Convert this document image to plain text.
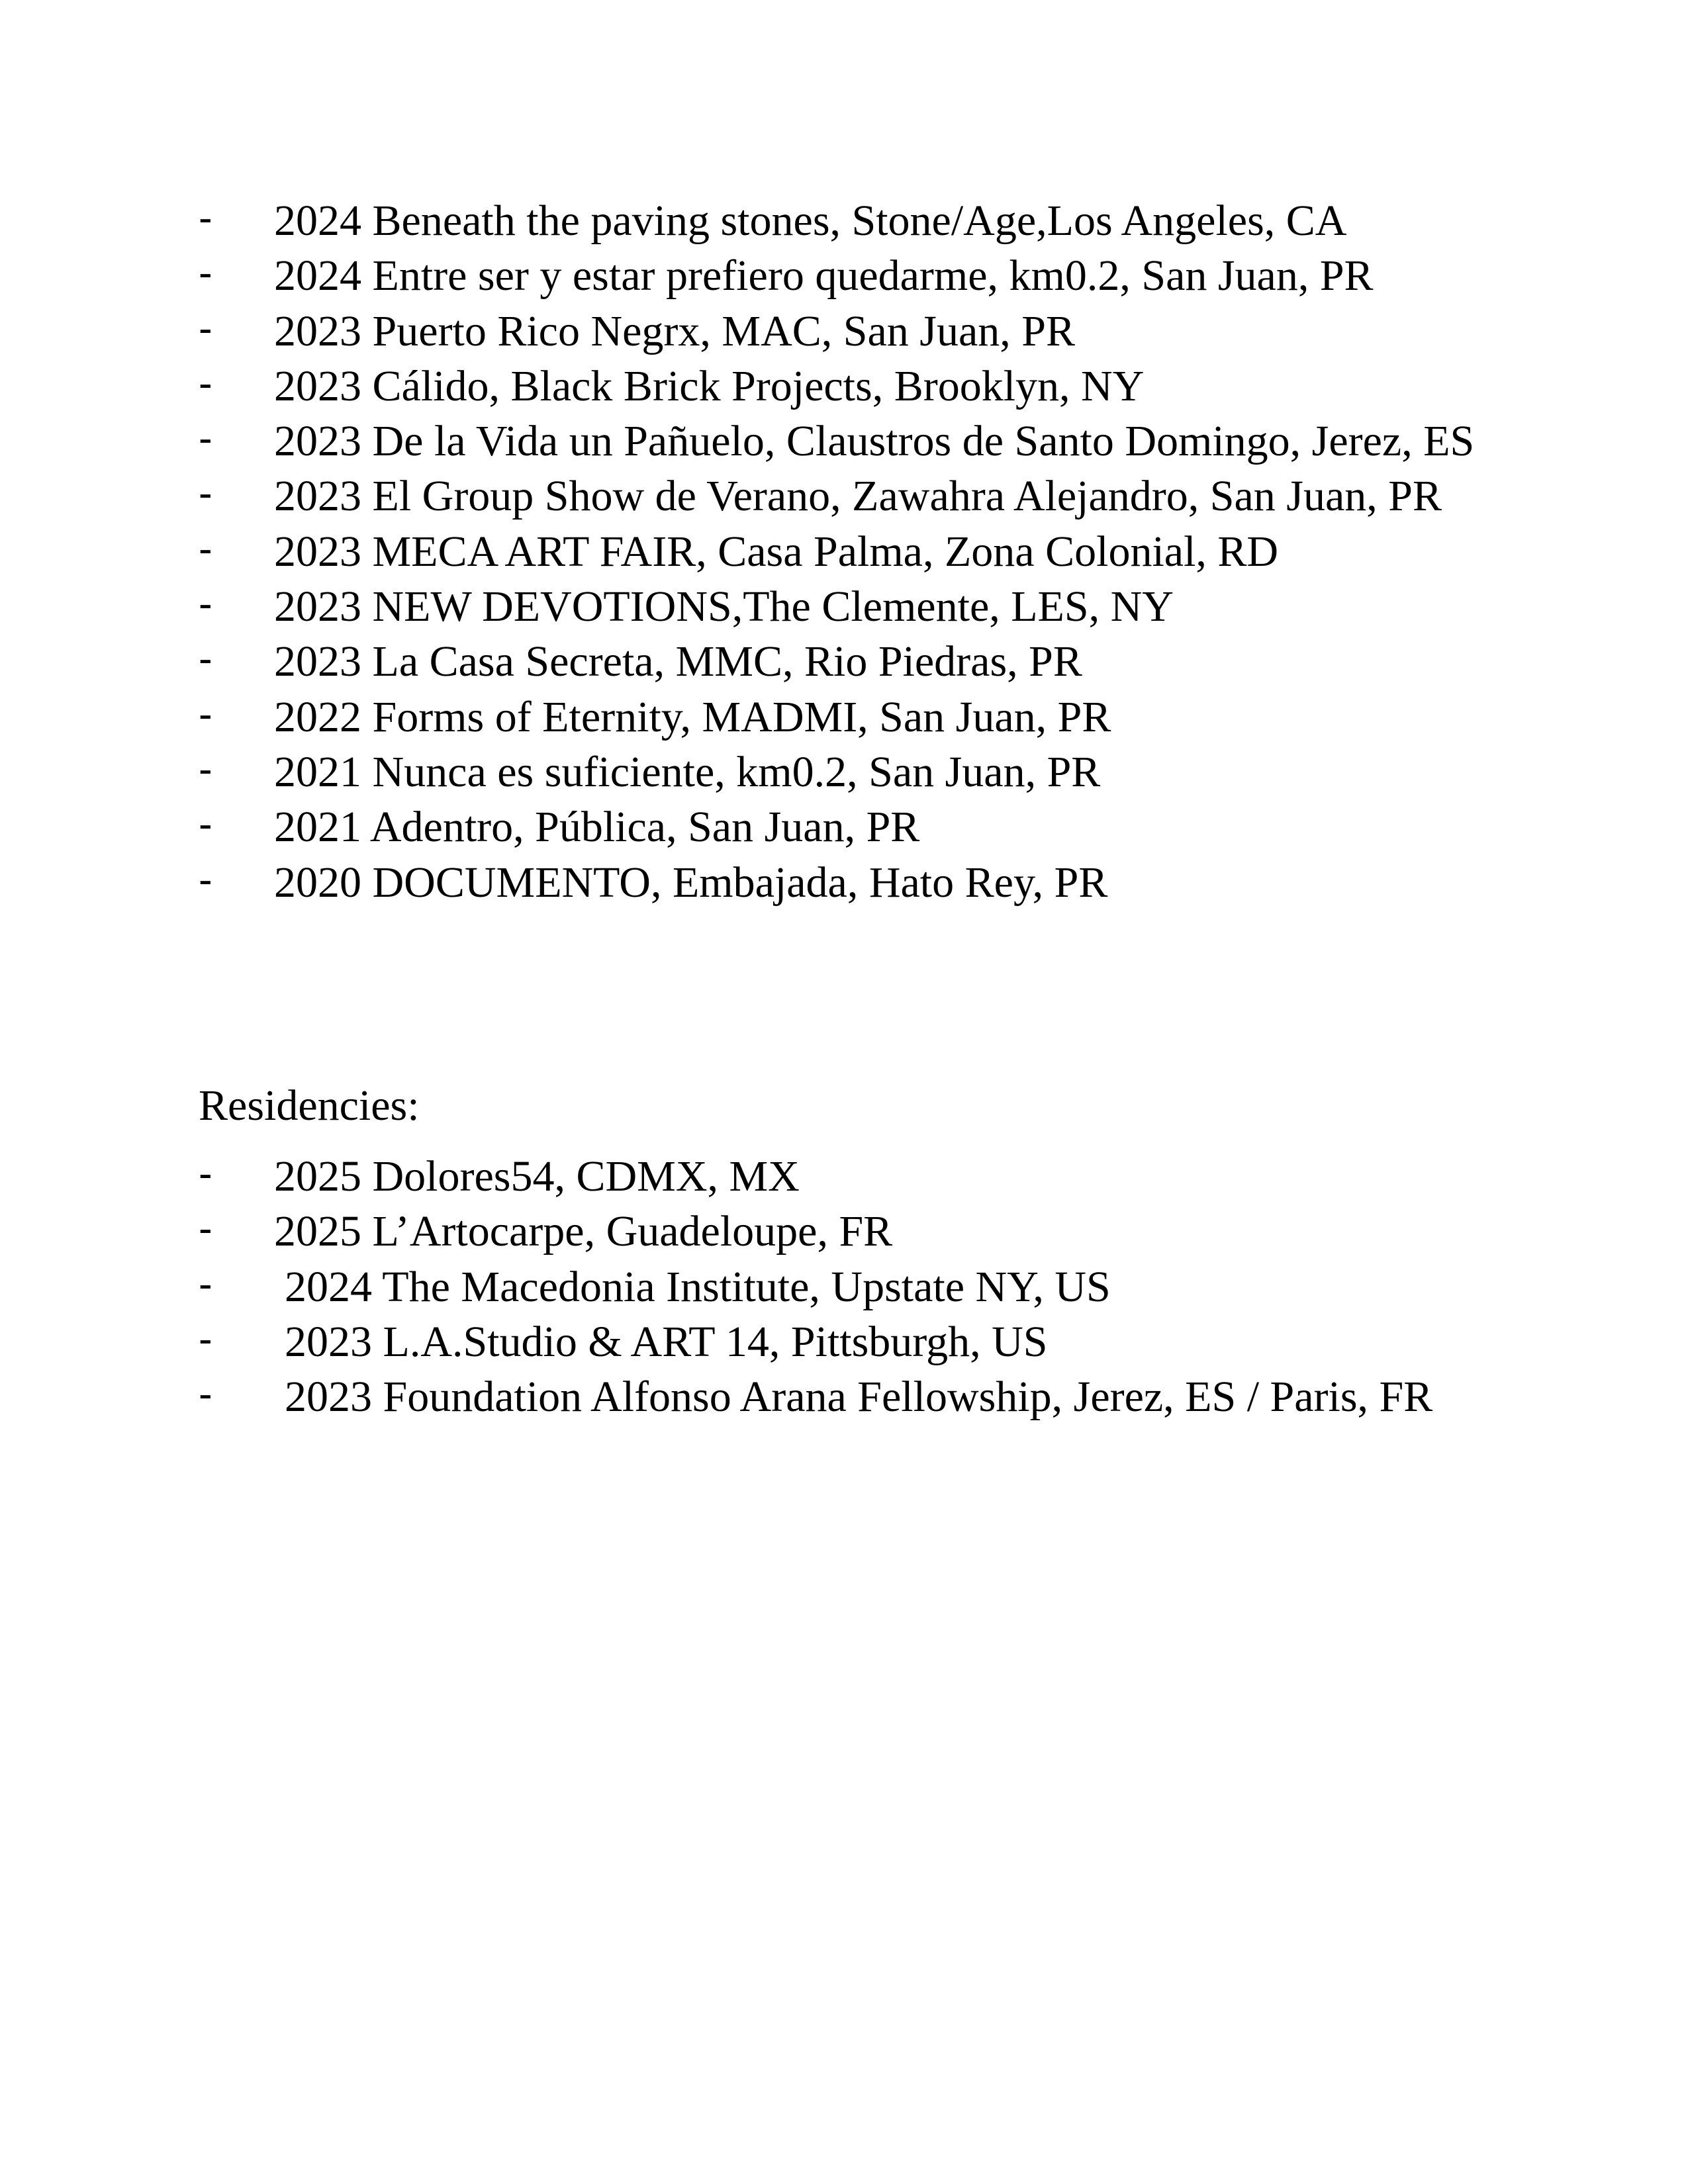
- 2024 Beneath the paving stones, Stone/Age,Los Angeles, CA
- 2024 Entre ser y estar prefiero quedarme, km0.2, San Juan, PR
- 2023 Puerto Rico Negrx, MAC, San Juan, PR
- 2023 Cálido, Black Brick Projects, Brooklyn, NY
- 2023 De la Vida un Pañuelo, Claustros de Santo Domingo, Jerez, ES
- 2023 El Group Show de Verano, Zawahra Alejandro, San Juan, PR
- 2023 MECA ART FAIR, Casa Palma, Zona Colonial, RD
- 2023 NEW DEVOTIONS,The Clemente, LES, NY
- 2023 La Casa Secreta, MMC, Rio Piedras, PR
- 2022 Forms of Eternity, MADMI, San Juan, PR
- 2021 Nunca es suficiente, km0.2, San Juan, PR
- 2021 Adentro, Pública, San Juan, PR
- 2020 DOCUMENTO, Embajada, Hato Rey, PR
Residencies:
- 2025 Dolores54, CDMX, MX
- 2025 L’Artocarpe, Guadeloupe, FR
- 2024 The Macedonia Institute, Upstate NY, US
- 2023 L.A.Studio & ART 14, Pittsburgh, US
- 2023 Foundation Alfonso Arana Fellowship, Jerez, ES / Paris, FR
